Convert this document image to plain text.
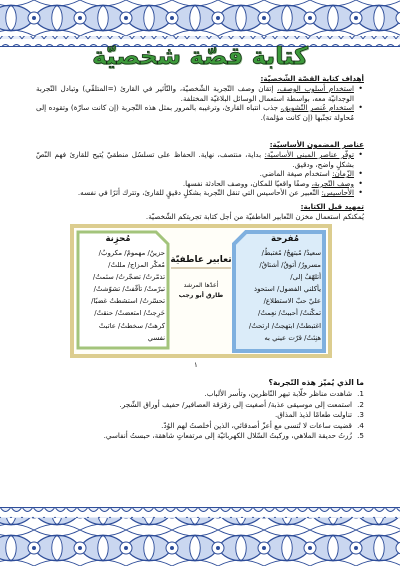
كتابة قصّة شخصيّة
أهداف كتابة القصّة الشّخصيّة:
• استخدام أسلوب الوصف، إتقان وصف التّجربة الشّخصيّة، والتّأثير في القارئ (=المتلقّي) وتبادل التّجربة الوجدانيّة معه، بواسطة استعمال الوسائل البلاغيّة المختلفة.
• استخدام عُنصر التّشويق، جذب انتباه القارئ، وترغيبه بالمرور بمثل هذه التّجربة (إن كانت سارّة) وتقوده إلى مُحاولة تجنّبها (إن كانت مؤلمة).
عناصر المضمون الأساسيّة:
• توفّر عناصر المبنى الأساسيّة: بداية، منتصف، نهاية. الحفاظ على تسلسُل منطقيّ يُتيح للقارئ فهم النّصّ بشكلٍ واضح، ودقيق.
• الزّمان: استخدام صيغة الماضي.
• وصف التّجربة، وصفًا واقعيًا للمكان، ووصف الحادثة نفسها.
• الأحاسيس: التّعبير عن الأحاسيس التي تنقل التّجربة بشكلٍ دقيقٍ للقارئ، وتترك أثرًا في نفسه.
تمهيد قبل الكتابة:
يُمكنكم استعمال مخزن التّعابير العاطفيّة من أجل كتابة تجربتكم الشّخصيّة.
مُحزِنة
حزينٌ/ مهمومٌ/ مكروبٌ/
مُعكّر المزاج/ مللتُ/
تذمّرتُ/ تضجّرتُ/ سئمتُ/
تبرّمتُ/ تأفّفتُ/ تشوّشتُ/
تحسّرتُ/ استشطتُ غضبًا/
حَرِجتُ/ امتعضتُ/ حنقتُ/
كرهتُ/ سخطتُ/ عاتبتُ
نفسي
تعابير عاطفيّة
أعدّها المرشد
طارق أبو رجب
مُفرحة
سعيدٌ/ مُبتهجٌ/ مُغتبطٌ/
مسرورٌ/ أتوقُ/ أشتاقُ/
أتلهّفُ إلى/
يأكلني الفضول/ استحوذ
عليّ حبّ الاستطلاع/
تمكّنتُ/ أحببتُ/ نعِمتُ/
اغتبطتُ/ ابتهجتُ/ ارتحتُ/
هنِئتُ/ قرّت عيني به
١
ما الذي يُميّز هذه التّجربة؟
1.
شاهدت مناظر خلّابة تبهر النّاظرين، وتأسر الألباب.
2.
استمعت إلى موسيقى عذبة/ أصغيت إلى زقزقة العصافير/ حفيف أوراق الشّجر.
3.
تناولت طعامًا لذيذ المذاق.
4.
قضيت ساعات لا تُنسى مع أعزّ أصدقائي، الذين أخلصتُ لهم الوُدّ.
5.
زُرتُ حديقة الملاهي، وركبتُ السّلال الكهربائيّة إلى مرتفعاتٍ شاهقة، حبستُ أنفاسي.
